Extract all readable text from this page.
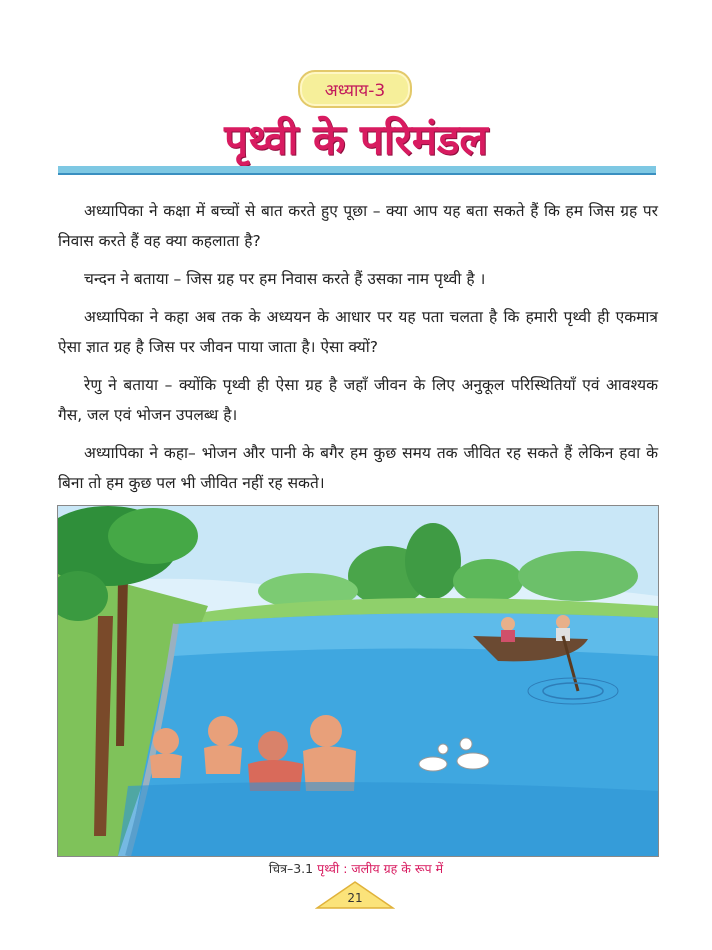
अध्याय-3
पृथ्वी के परिमंडल

अध्यापिका ने कक्षा में बच्चों से बात करते हुए पूछा – क्या आप यह बता सकते हैं कि हम जिस ग्रह पर निवास करते हैं वह क्या कहलाता है?

चन्दन ने बताया – जिस ग्रह पर हम निवास करते हैं उसका नाम पृथ्वी है ।

अध्यापिका ने कहा अब तक के अध्ययन के आधार पर यह पता चलता है कि हमारी पृथ्वी ही एकमात्र ऐसा ज्ञात ग्रह है जिस पर जीवन पाया जाता है। ऐसा क्यों?

रेणु ने बताया – क्योंकि पृथ्वी ही ऐसा ग्रह है जहाँ जीवन के लिए अनुकूल परिस्थितियाँ एवं आवश्यक गैस, जल एवं भोजन उपलब्ध है।

अध्यापिका ने कहा– भोजन और पानी के बगैर हम कुछ समय तक जीवित रह सकते हैं लेकिन हवा के बिना तो हम कुछ पल भी जीवित नहीं रह सकते।

चित्र–3.1 पृथ्वी : जलीय ग्रह के रूप में
21
